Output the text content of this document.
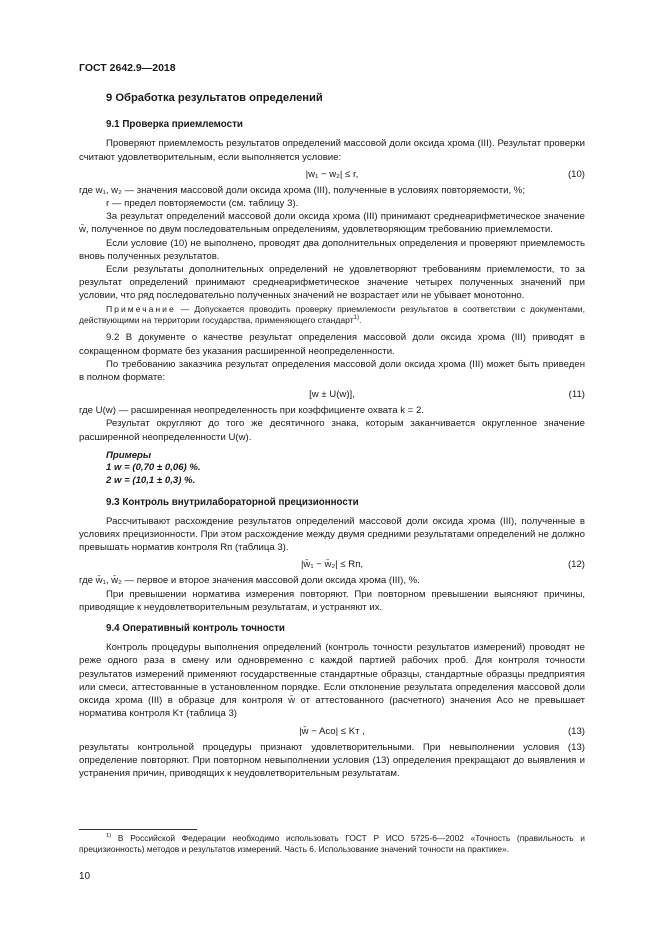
ГОСТ 2642.9—2018
9 Обработка результатов определений
9.1 Проверка приемлемости

Проверяют приемлемость результатов определений массовой доли оксида хрома (III). Результат проверки считают удовлетворительным, если выполняется условие:

|w₁ − w₂| ≤ r,	(10)

где w₁, w₂ — значения массовой доли оксида хрома (III), полученные в условиях повторяемости, %;

r — предел повторяемости (см. таблицу 3).

За результат определений массовой доли оксида хрома (III) принимают среднеарифметическое значение w̄, полученное по двум последовательным определениям, удовлетворяющим требованию приемлемости.

Если условие (10) не выполнено, проводят два дополнительных определения и проверяют приемлемость вновь полученных результатов.

Если результаты дополнительных определений не удовлетворяют требованиям приемлемости, то за результат определений принимают среднеарифметическое значение четырех полученных значений при условии, что ряд последовательно полученных значений не возрастает или не убывает монотонно.

Примечание — Допускается проводить проверку приемлемости результатов в соответствии с документами, действующими на территории государства, применяющего стандарт$^{1)}$.

9.2 В документе о качестве результат определения массовой доли оксида хрома (III) приводят в сокращенном формате без указания расширенной неопределенности.

По требованию заказчика результат определения массовой доли оксида хрома (III) может быть приведен в полном формате:

[w ± U(w)],	(11)

где U(w) — расширенная неопределенность при коэффициенте охвата k = 2.

Результат округляют до того же десятичного знака, которым заканчивается округленное значение расширенной неопределенности U(w).

Примеры
1 w = (0,70 ± 0,06) %.
2 w = (10,1 ± 0,3) %.
9.3 Контроль внутрилабораторной прецизионности

Рассчитывают расхождение результатов определений массовой доли оксида хрома (III), полученные в условиях прецизионности. При этом расхождение между двумя средними результатами определений не должно превышать норматив контроля Rп (таблица 3).

|w̄₁ − w̄₂| ≤ Rп,	(12)

где w̄₁, w̄₂ — первое и второе значения массовой доли оксида хрома (III), %.

При превышении норматива измерения повторяют. При повторном превышении выясняют причины, приводящие к неудовлетворительным результатам, и устраняют их.

9.4 Оперативный контроль точности

Контроль процедуры выполнения определений (контроль точности результатов измерений) проводят не реже одного раза в смену или одновременно с каждой партией рабочих проб. Для контроля точности результатов измерений применяют государственные стандартные образцы, стандартные образцы предприятия или смеси, аттестованные в установленном порядке. Если отклонение результата определения массовой доли оксида хрома (III) в образце для контроля w̄ от аттестованного (расчетного) значения Aсо не превышает норматива контроля Kт (таблица 3)

|w̄ − Aсо| ≤ Kт ,	(13)

результаты контрольной процедуры признают удовлетворительными. При невыполнении условия (13) определение повторяют. При повторном невыполнении условия (13) определения прекращают до выявления и устранения причин, приводящих к неудовлетворительным результатам.

$^{1)}$ В Российской Федерации необходимо использовать ГОСТ Р ИСО 5725-6—2002 «Точность (правильность и прецизионность) методов и результатов измерений. Часть 6. Использование значений точности на практике».

10
